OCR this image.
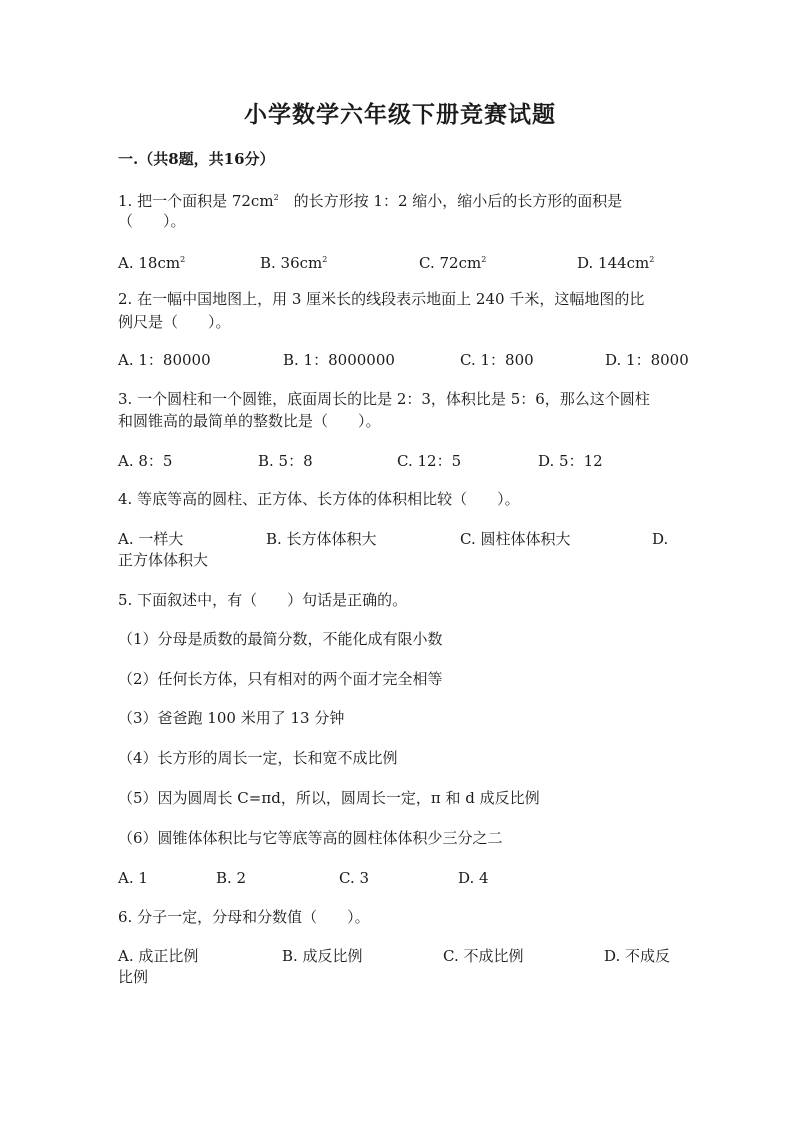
小学数学六年级下册竞赛试题
一.（共8题，共16分）
1. 把一个面积是 $72cm^2$　的长方形按 1：2 缩小，缩小后的长方形的面积是
（　　）。
A. $18cm^2$	B. $36cm^2$	C. $72cm^2$	D. $144cm^2$
2. 在一幅中国地图上，用 3 厘米长的线段表示地面上 240 千米，这幅地图的比
例尺是（　　）。
A. 1：80000	B. 1：8000000	C. 1：800	D. 1：8000
3. 一个圆柱和一个圆锥，底面周长的比是 2：3，体积比是 5：6，那么这个圆柱
和圆锥高的最简单的整数比是（　　）。
A. 8：5	B. 5：8	C. 12：5	D. 5：12
4. 等底等高的圆柱、正方体、长方体的体积相比较（　　）。
A. 一样大	B. 长方体体积大	C. 圆柱体体积大	D.
正方体体积大
5. 下面叙述中，有（　　）句话是正确的。
（1）分母是质数的最简分数，不能化成有限小数
（2）任何长方体，只有相对的两个面才完全相等
（3）爸爸跑 100 米用了 13 分钟
（4）长方形的周长一定，长和宽不成比例
（5）因为圆周长 C=πd，所以，圆周长一定，π 和 d 成反比例
（6）圆锥体体积比与它等底等高的圆柱体体积少三分之二
A. 1	B. 2	C. 3	D. 4
6. 分子一定，分母和分数值（　　）。
A. 成正比例	B. 成反比例	C. 不成比例	D. 不成反
比例
